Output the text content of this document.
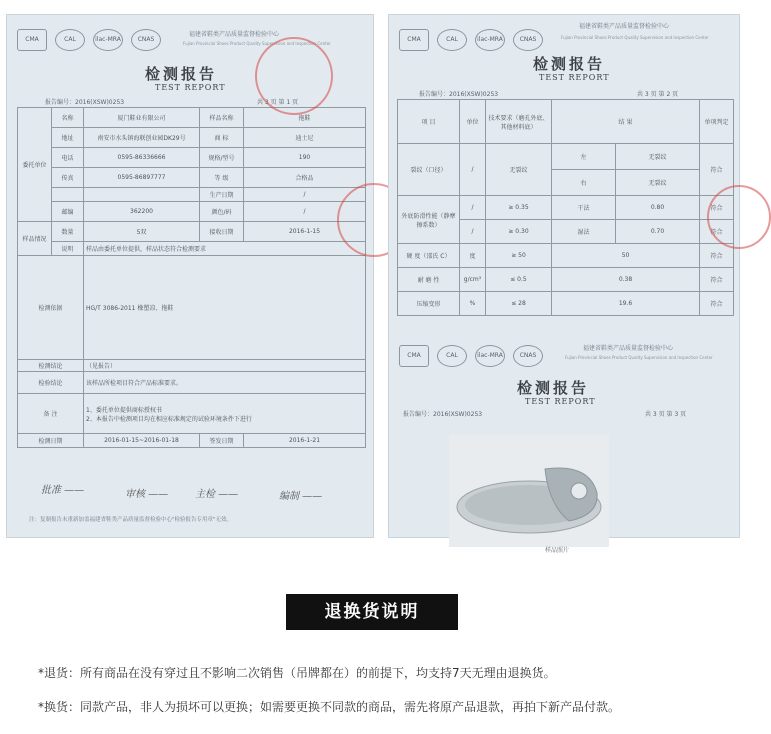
CMA	CAL	ilac-MRA	CNAS
福建省鞋类产品质量监督检验中心
Fujian Provincial Shoes Product Quality Supervision and Inspection Center
检测报告
TEST REPORT
报告编号：2016(XSW)0253	共 3 页 第 1 页
委托单位	名称	厦门鞋业有限公司	样品名称	拖鞋
	地址	南安市水头镇海联创业园DK29号	商 标	迪士尼
	电话	0595-86336666	规格/型号	190
	传真	0595-86897777	等 级	合格品
			生产日期	/
	邮编	362200	颜色/码	/
样品情况	数量	5双	接收日期	2016-1-15
	说明	样品由委托单位提供，样品状态符合检测要求		
检测依据		HG/T 3086-2011 橡塑凉、拖鞋		
检测结论		（见报告）		
检验结论		该样品所检项目符合产品标准要求。		
备 注		1、委托单位提供商标授权书
2、本报告中检测项目均在相应标准规定的试验环境条件下进行		

检测日期		2016-01-15~2016-01-18	签发日期	2016-1-21
批准 ——	审核 ——	主检 ——	编制 ——
注：复制报告未重新加盖福建省鞋类产品质量监督检验中心"检验报告专用章"无效。
CMA	CAL	ilac-MRA	CNAS
福建省鞋类产品质量监督检验中心
Fujian Provincial Shoes Product Quality Supervision and Inspection Center
检测报告
TEST REPORT
报告编号：2016(XSW)0253	共 3 页 第 2 页
项 目	单位	技术要求（磨孔外底、其他材料底）	结 果		单项判定
裂纹（口径）	/	无裂纹	左	无裂纹	符合
			右	无裂纹	
外底防滑性能（静摩擦系数）	/	≥ 0.35	干法	0.80	符合
	/	≥ 0.30	湿法	0.70	符合
硬 度（邵氏 C）	度	≥ 50	50		符合
耐 磨 性	g/cm³	≤ 0.5	0.38		符合
压缩变形	%	≤ 28	19.6		符合
CMA	CAL	ilac-MRA	CNAS
福建省鞋类产品质量监督检验中心
Fujian Provincial Shoes Product Quality Supervision and Inspection Center
检测报告
TEST REPORT
报告编号：2016(XSW)0253	共 3 页 第 3 页
样品照片
退换货说明
*退货：所有商品在没有穿过且不影响二次销售（吊牌都在）的前提下，均支持7天无理由退换货。
*换货：同款产品，非人为损坏可以更换；如需要更换不同款的商品，需先将原产品退款，再拍下新产品付款。
